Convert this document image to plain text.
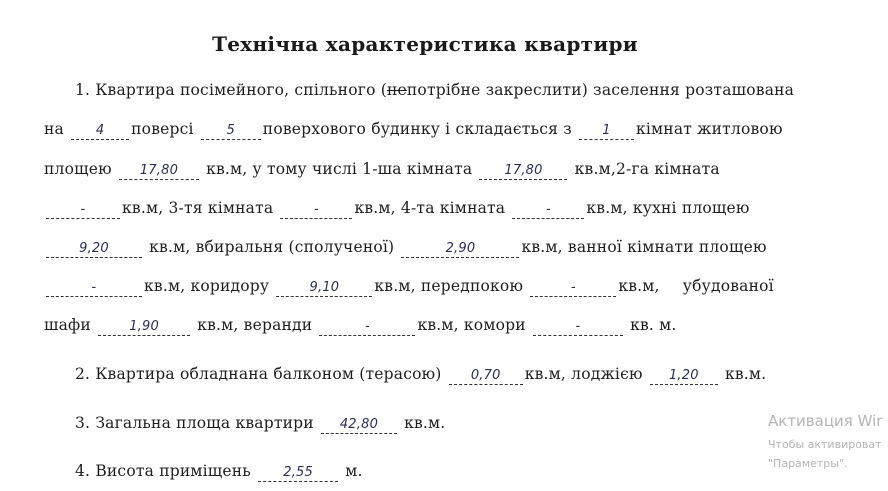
Технічна характеристика квартири
1. Квартира посімейного, спільного (непотрібне закреслити) заселення розташована
на 4 поверсі	5 поверхового будинку і складається з 1 кімнат житловою
площею 17,80 кв.м, у тому числі 1-ша кімната 17,80 кв.м,2-га кімната
- кв.м, 3-тя кімната	- кв.м, 4-та кімната	- кв.м, кухні площею
9,20	кв.м, вбиральня (сполученої)	2,90	кв.м, ванної кімнати площею
-	кв.м, коридору	9,10 кв.м, передпокою	-	кв.м, убудованої
шафи	1,90 кв.м, веранди	-	кв.м, комори	-	кв. м.
2. Квартира обладнана балконом (терасою) 0,70 кв.м, лоджією 1,20 кв.м.
3. Загальна площа квартири 42,80 кв.м.
4. Висота приміщень 2,55 м.
Активация Wir
Чтобы активироват
"Параметры".
